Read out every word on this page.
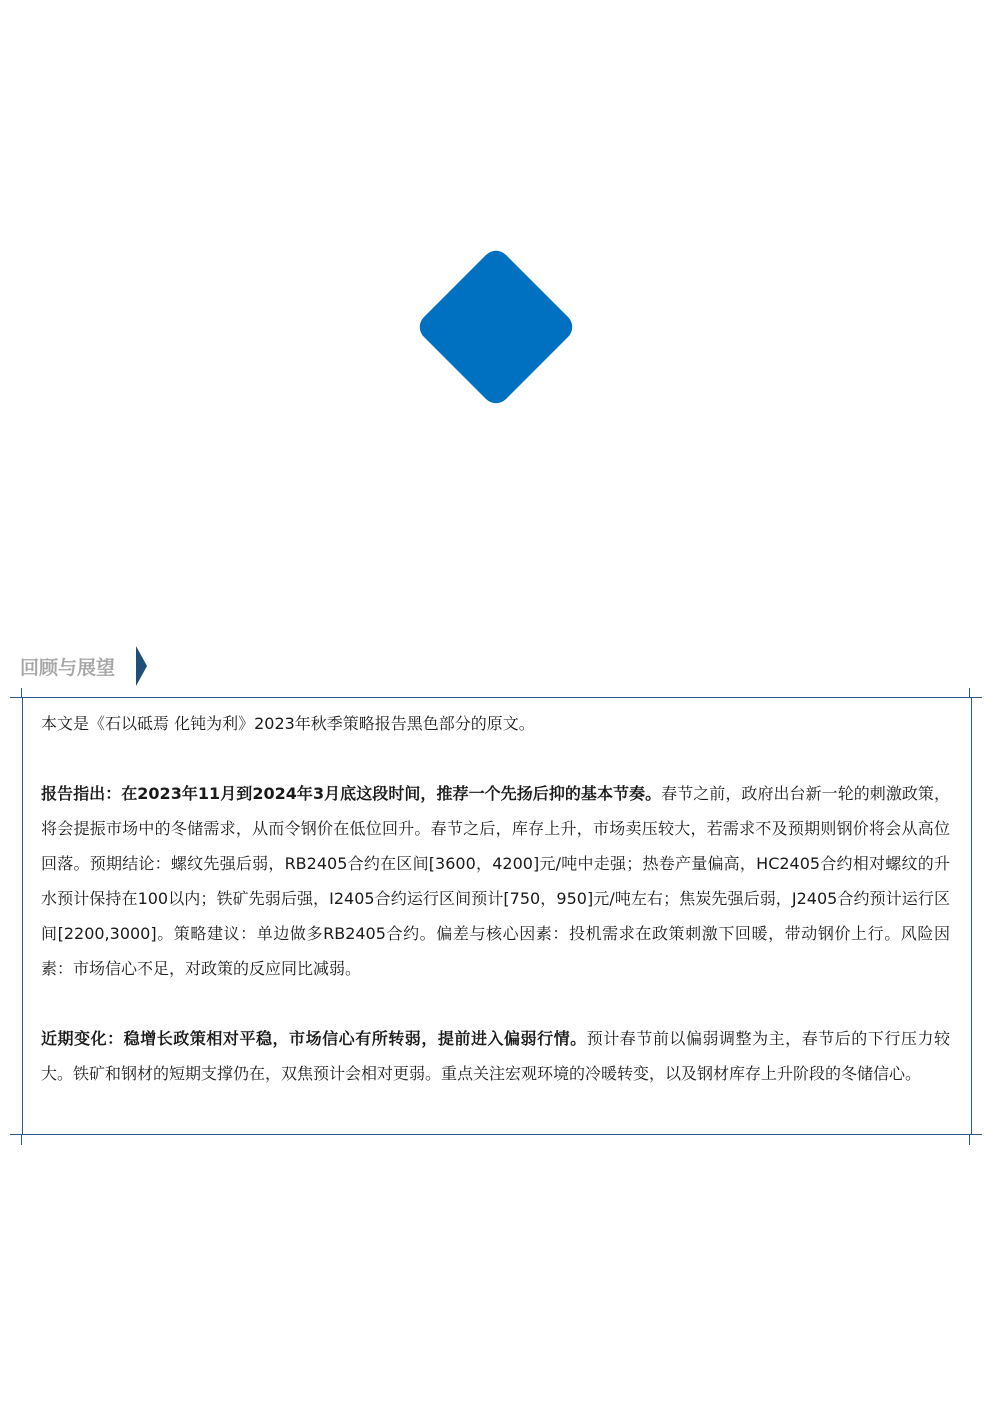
回顾与展望

本文是《石以砥焉 化钝为利》2023年秋季策略报告黑色部分的原文。

报告指出：在2023年11月到2024年3月底这段时间，推荐一个先扬后抑的基本节奏。春节之前，政府出台新一轮的刺激政策，将会提振市场中的冬储需求，从而令钢价在低位回升。春节之后，库存上升，市场卖压较大，若需求不及预期则钢价将会从高位回落。预期结论：螺纹先强后弱，RB2405合约在区间[3600，4200]元/吨中走强；热卷产量偏高，HC2405合约相对螺纹的升水预计保持在100以内；铁矿先弱后强，I2405合约运行区间预计[750，950]元/吨左右；焦炭先强后弱，J2405合约预计运行区间[2200,3000]。策略建议：单边做多RB2405合约。偏差与核心因素：投机需求在政策刺激下回暖，带动钢价上行。风险因素：市场信心不足，对政策的反应同比减弱。

近期变化：稳增长政策相对平稳，市场信心有所转弱，提前进入偏弱行情。预计春节前以偏弱调整为主，春节后的下行压力较大。铁矿和钢材的短期支撑仍在，双焦预计会相对更弱。重点关注宏观环境的冷暖转变，以及钢材库存上升阶段的冬储信心。
